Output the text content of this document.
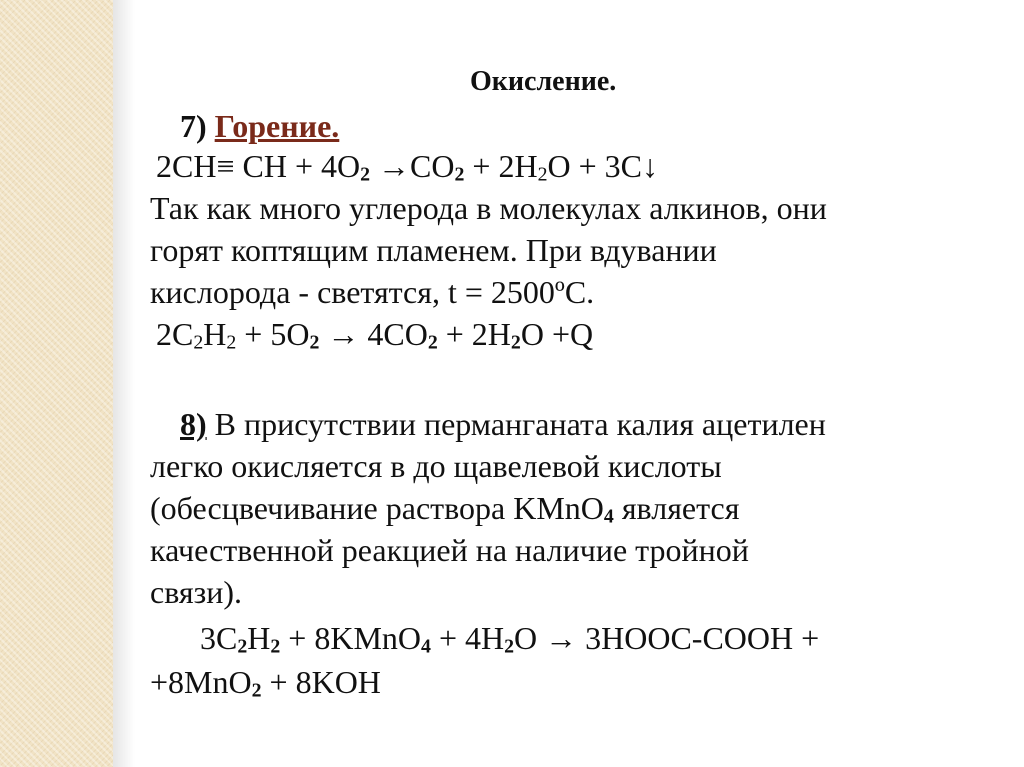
Окисление.
7) Горение.
2CH≡ CH + $4O_2 \to CO_2 + 2H_2O$ + 3C↓
Так как много углерода в молекулах алкинов, они
горят коптящим пламенем. При вдувании
кислорода - светятся, t = 2500ºC.
$2C_2H_2 + 5O_2 \to 4CO_2 + 2H_2O +Q$
8) В присутствии перманганата калия ацетилен
легко окисляется в до щавелевой кислоты
(обесцвечивание раствора KMnO$_4$ является
качественной реакцией на наличие тройной
связи).
$3C_2H_2$ + 8KMnO$_4$ + $4H_2O$ → 3HOOC-COOH +
+8MnO$_2$ + 8KOH
